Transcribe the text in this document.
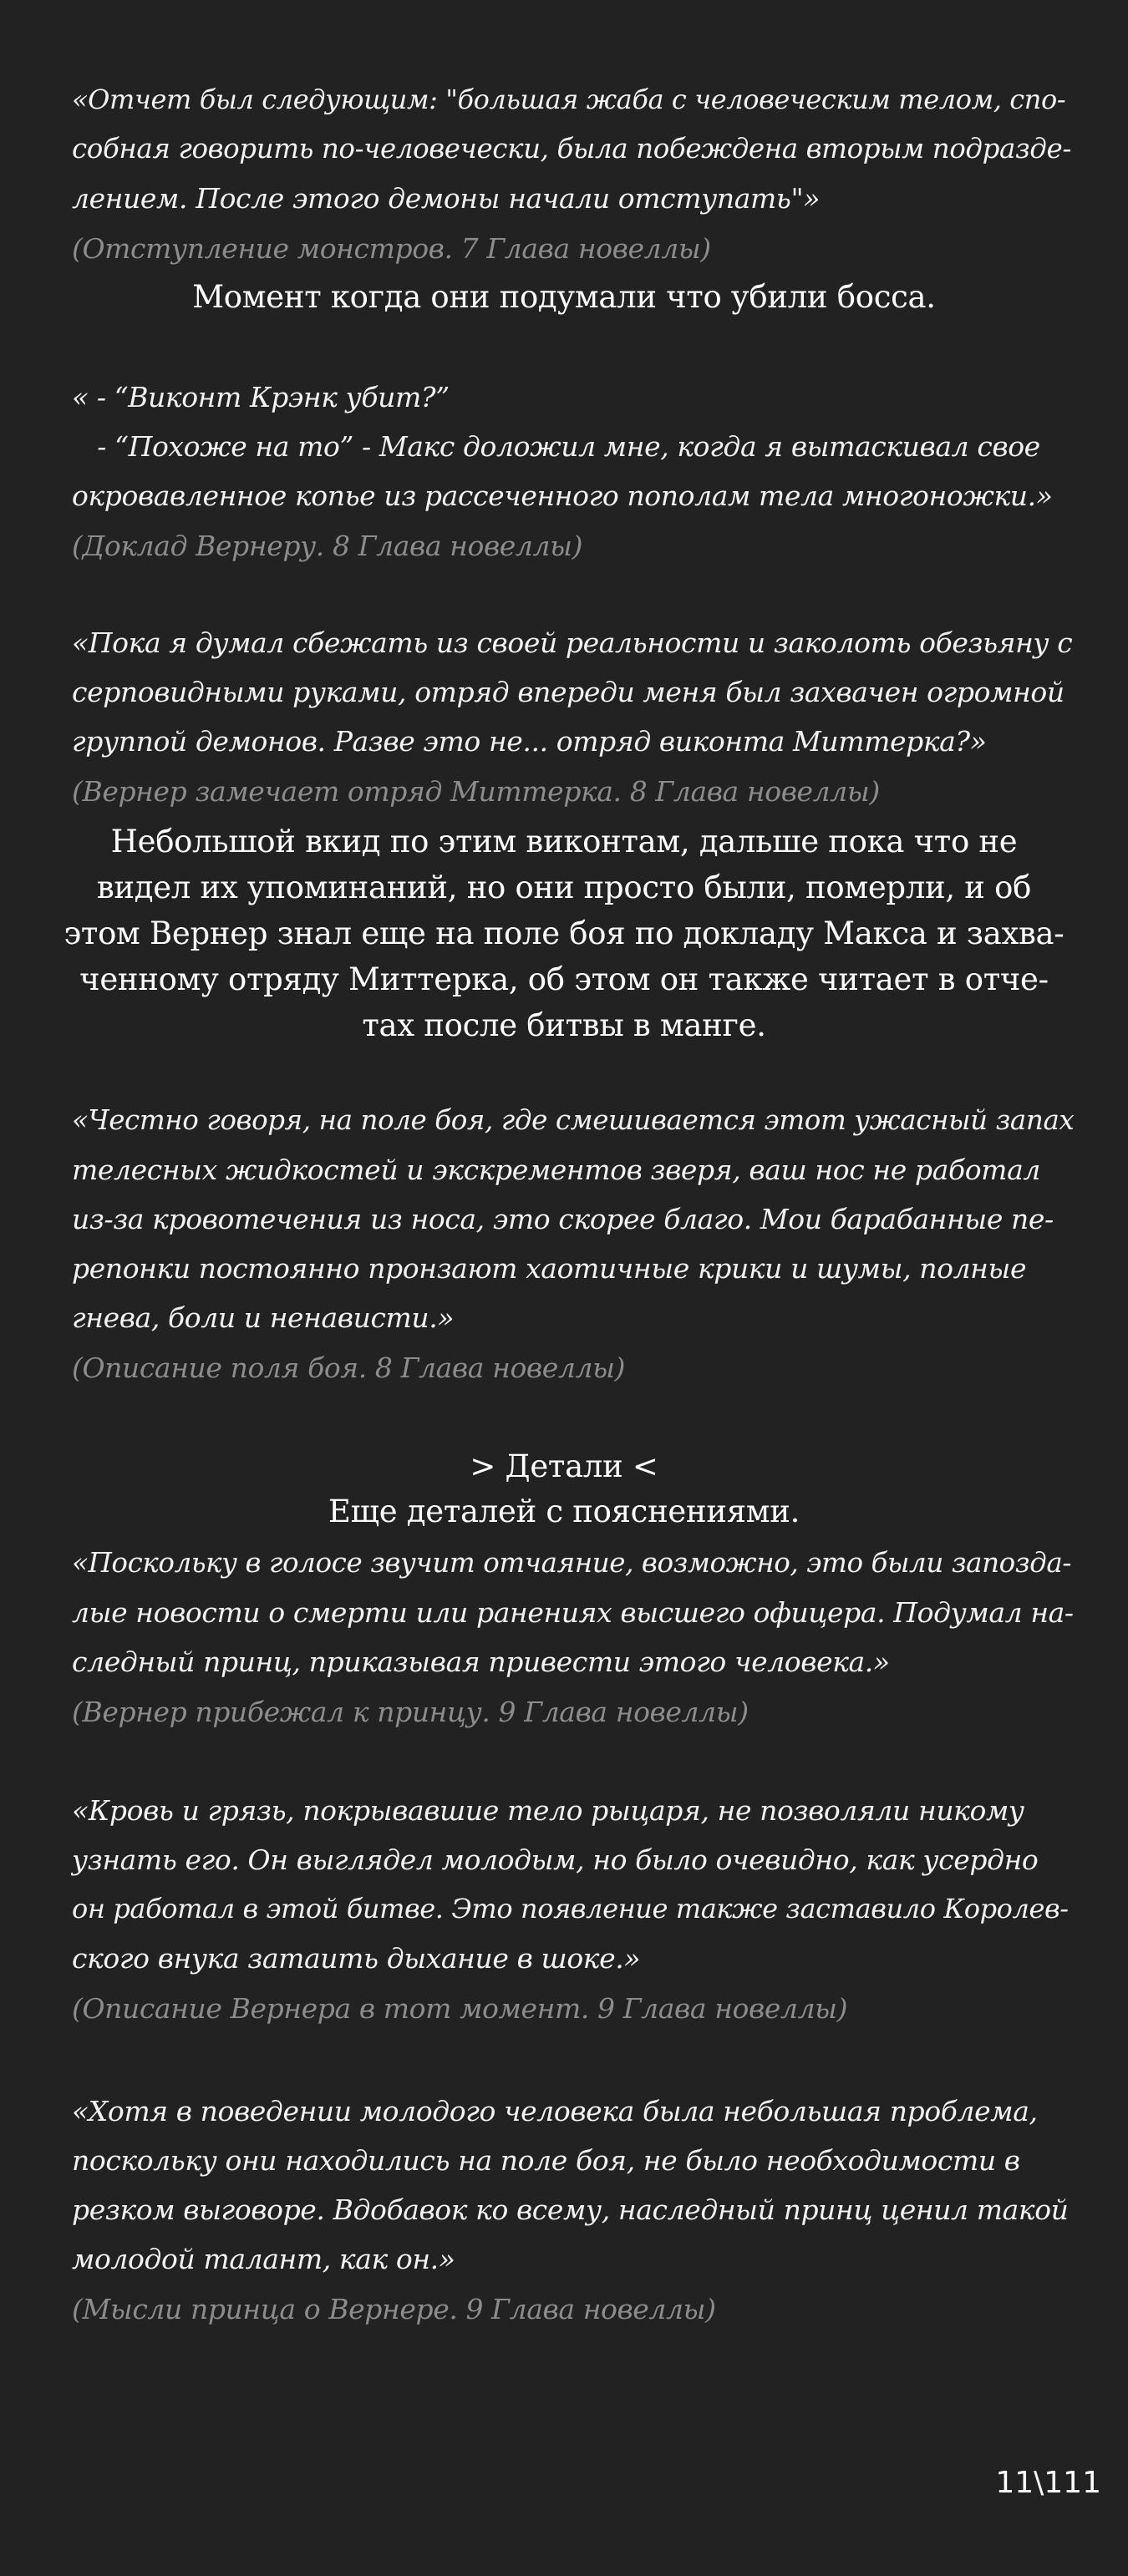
«Отчет был следующим: "большая жаба с человеческим телом, спо-
собная говорить по-человечески, была побеждена вторым подразде-
лением. После этого демоны начали отступать"»
(Отступление монстров. 7 Глава новеллы)
Момент когда они подумали что убили босса.
« - “Виконт Крэнк убит?”
- “Похоже на то” - Макс доложил мне, когда я вытаскивал свое
окровавленное копье из рассеченного пополам тела многоножки.»
(Доклад Вернеру. 8 Глава новеллы)
«Пока я думал сбежать из своей реальности и заколоть обезьяну с
серповидными руками, отряд впереди меня был захвачен огромной
группой демонов. Разве это не... отряд виконта Миттерка?»
(Вернер замечает отряд Миттерка. 8 Глава новеллы)
Небольшой вкид по этим виконтам, дальше пока что не
видел их упоминаний, но они просто были, померли, и об
этом Вернер знал еще на поле боя по докладу Макса и захва-
ченному отряду Миттерка, об этом он также читает в отче-
тах после битвы в манге.
«Честно говоря, на поле боя, где смешивается этот ужасный запах
телесных жидкостей и экскрементов зверя, ваш нос не работал
из-за кровотечения из носа, это скорее благо. Мои барабанные пе-
репонки постоянно пронзают хаотичные крики и шумы, полные
гнева, боли и ненависти.»
(Описание поля боя. 8 Глава новеллы)
> Детали <
Еще деталей с пояснениями.
«Поскольку в голосе звучит отчаяние, возможно, это были запозда-
лые новости о смерти или ранениях высшего офицера. Подумал на-
следный принц, приказывая привести этого человека.»
(Вернер прибежал к принцу. 9 Глава новеллы)
«Кровь и грязь, покрывавшие тело рыцаря, не позволяли никому
узнать его. Он выглядел молодым, но было очевидно, как усердно
он работал в этой битве. Это появление также заставило Королев-
ского внука затаить дыхание в шоке.»
(Описание Вернера в тот момент. 9 Глава новеллы)
«Хотя в поведении молодого человека была небольшая проблема,
поскольку они находились на поле боя, не было необходимости в
резком выговоре. Вдобавок ко всему, наследный принц ценил такой
молодой талант, как он.»
(Мысли принца о Вернере. 9 Глава новеллы)
11\111
